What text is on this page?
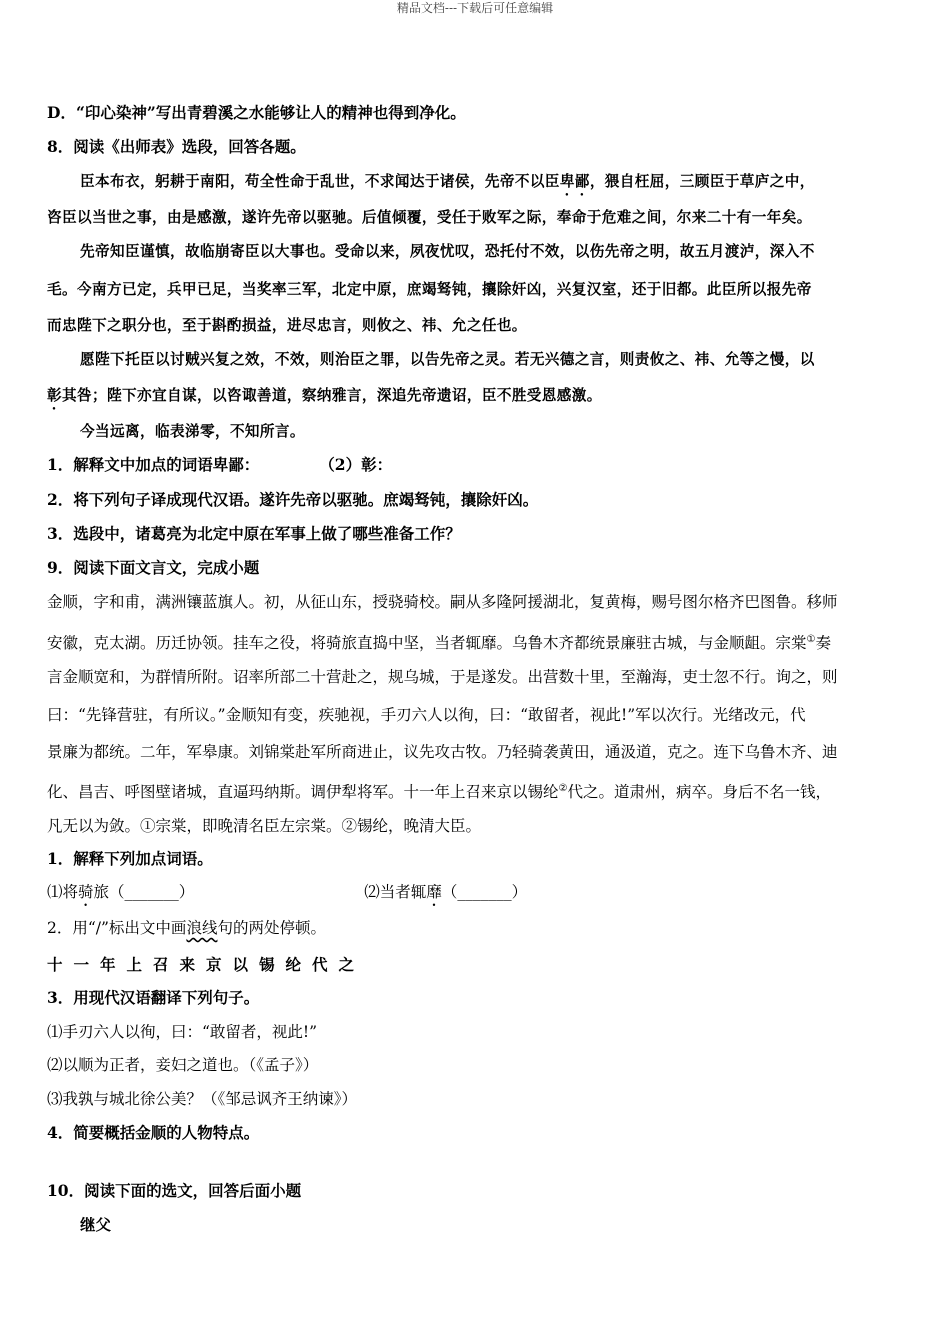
精品文档---下载后可任意编辑
D．“印心染神”写出青碧溪之水能够让人的精神也得到净化。
8．阅读《出师表》选段，回答各题。
臣本布衣，躬耕于南阳，苟全性命于乱世，不求闻达于诸侯，先帝不以臣卑鄙，猥自枉屈，三顾臣于草庐之中，
咨臣以当世之事，由是感激，遂许先帝以驱驰。后值倾覆，受任于败军之际，奉命于危难之间，尔来二十有一年矣。
先帝知臣谨慎，故临崩寄臣以大事也。受命以来，夙夜忧叹，恐托付不效，以伤先帝之明，故五月渡泸，深入不
毛。今南方已定，兵甲已足，当奖率三军，北定中原，庶竭驽钝，攘除奸凶，兴复汉室，还于旧都。此臣所以报先帝
而忠陛下之职分也，至于斟酌损益，进尽忠言，则攸之、祎、允之任也。
愿陛下托臣以讨贼兴复之效，不效，则治臣之罪，以告先帝之灵。若无兴德之言，则责攸之、祎、允等之慢，以
彰其咎；陛下亦宜自谋，以咨诹善道，察纳雅言，深追先帝遗诏，臣不胜受恩感激。
今当远离，临表涕零，不知所言。
1．解释文中加点的词语卑鄙：	（2）彰：
2．将下列句子译成现代汉语。遂许先帝以驱驰。庶竭驽钝，攘除奸凶。
3．选段中，诸葛亮为北定中原在军事上做了哪些准备工作？
9．阅读下面文言文，完成小题
金顺，字和甫，满洲镶蓝旗人。初，从征山东，授骁骑校。嗣从多隆阿援湖北，复黄梅，赐号图尔格齐巴图鲁。移师
安徽，克太湖。历迁协领。挂车之役，将骑旅直捣中坚，当者辄靡。乌鲁木齐都统景廉驻古城，与金顺龃。宗棠①奏
言金顺宽和，为群情所附。诏率所部二十营赴之，规乌城，于是遂发。出营数十里，至瀚海，吏士忽不行。询之，则
曰：“先锋营驻，有所议。”金顺知有变，疾驰视，手刃六人以徇，曰：“敢留者，视此!”军以次行。光绪改元，代
景廉为都统。二年，军皋康。刘锦棠赴军所商进止，议先攻古牧。乃轻骑袭黄田，通汲道，克之。连下乌鲁木齐、迪
化、昌吉、呼图壁诸城，直逼玛纳斯。调伊犁将军。十一年上召来京以锡纶②代之。道肃州，病卒。身后不名一钱，
凡无以为敛。①宗棠，即晚清名臣左宗棠。②锡纶，晚清大臣。
1．解释下列加点词语。
⑴将骑旅（_______）	⑵当者辄靡（_______）
2．用“/”标出文中画浪线句的两处停顿。
十一年上召来京以锡纶代之
3．用现代汉语翻译下列句子。
⑴手刃六人以徇，曰：“敢留者，视此!”
⑵以顺为正者，妾妇之道也。（《孟子》）
⑶我孰与城北徐公美？（《邹忌讽齐王纳谏》）
4．简要概括金顺的人物特点。
10．阅读下面的选文，回答后面小题
继父
